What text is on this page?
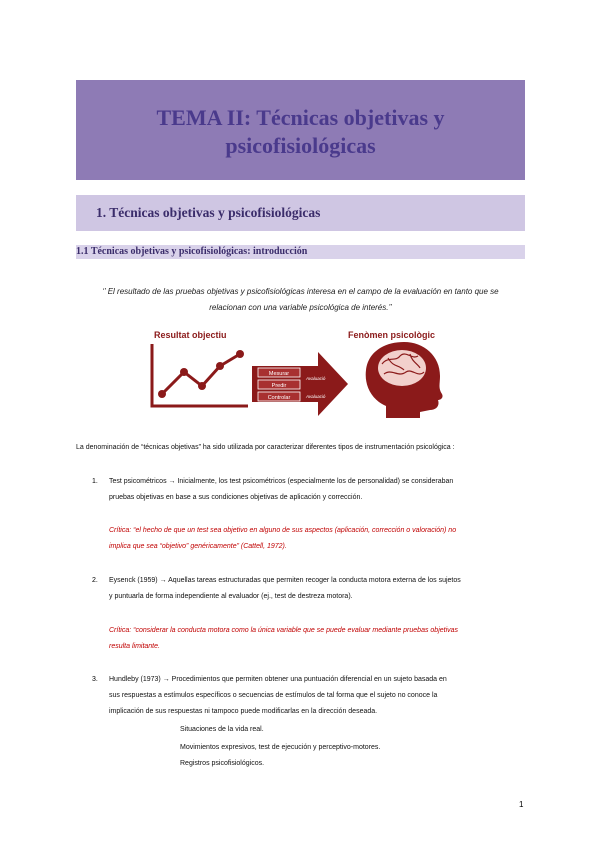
TEMA II: Técnicas objetivas y
psicofisiológicas
1. Técnicas objetivas y psicofisiológicas
1.1 Técnicas objetivas y psicofisiológicas: introducción
‘’ El resultado de las pruebas objetivas y psicofisiológicas interesa en el campo de la evaluación en tanto que se
relacionan con una variable psicológica de interés.’’
Resultat objectiu
Mesurar
Predir
Controlar
Avaluació
Avaluació
Fenòmen psicològic
La denominación de “técnicas objetivas” ha sido utilizada por caracterizar diferentes tipos de instrumentación psicológica :
1. Test psicométricos → Inicialmente, los test psicométricos (especialmente los de personalidad) se consideraban
pruebas objetivas en base a sus condiciones objetivas de aplicación y corrección.
Crítica: “el hecho de que un test sea objetivo en alguno de sus aspectos (aplicación, corrección o valoración) no
implica que sea “objetivo” genéricamente” (Cattell, 1972).
2. Eysenck (1959) → Aquellas tareas estructuradas que permiten recoger la conducta motora externa de los sujetos
y puntuarla de forma independiente al evaluador (ej., test de destreza motora).
Crítica: “considerar la conducta motora como la única variable que se puede evaluar mediante pruebas objetivas
resulta limitante.
3. Hundleby (1973) → Procedimientos que permiten obtener una puntuación diferencial en un sujeto basada en
sus respuestas a estímulos específicos o secuencias de estímulos de tal forma que el sujeto no conoce la
implicación de sus respuestas ni tampoco puede modificarlas en la dirección deseada.
Situaciones de la vida real.
Movimientos expresivos, test de ejecución y perceptivo-motores.
Registros psicofisiológicos.
1
